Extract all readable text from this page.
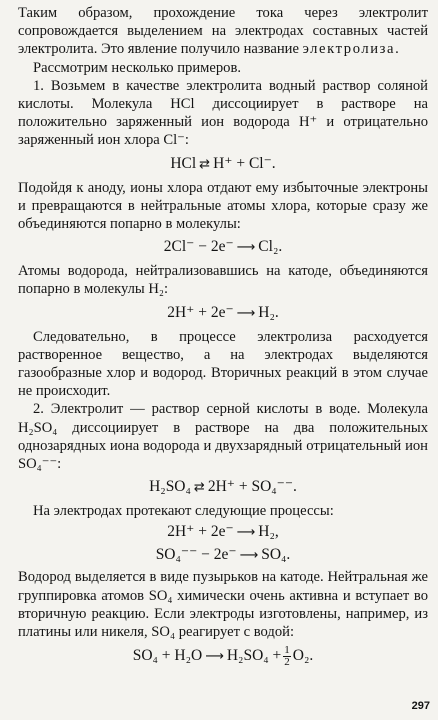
Таким образом, прохождение тока через электролит сопровождается выделением на электродах составных частей электролита. Это явление получило название электролиза.

Рассмотрим несколько примеров.

1. Возьмем в качестве электролита водный раствор соляной кислоты. Молекула HCl диссоциирует в растворе на положительно заряженный ион водорода H⁺ и отрицательно заряженный ион хлора Cl⁻:

HCl ⇄ H⁺ + Cl⁻.

Подойдя к аноду, ионы хлора отдают ему избыточные электроны и превращаются в нейтральные атомы хлора, которые сразу же объединяются попарно в молекулы:

2Cl⁻ − 2e⁻ ⟶ Cl₂.

Атомы водорода, нейтрализовавшись на катоде, объединяются попарно в молекулы H₂:

2H⁺ + 2e⁻ ⟶ H₂.

Следовательно, в процессе электролиза расходуется растворенное вещество, а на электродах выделяются газообразные хлор и водород. Вторичных реакций в этом случае не происходит.

2. Электролит — раствор серной кислоты в воде. Молекула H₂SO₄ диссоциирует в растворе на два положительных однозарядных иона водорода и двухзарядный отрицательный ион SO₄⁻⁻:

H₂SO₄ ⇄ 2H⁺ + SO₄⁻⁻.

На электродах протекают следующие процессы:

2H⁺ + 2e⁻ ⟶ H₂,
SO₄⁻⁻ − 2e⁻ ⟶ SO₄.

Водород выделяется в виде пузырьков на катоде. Нейтральная же группировка атомов SO₄ химически очень активна и вступает во вторичную реакцию. Если электроды изготовлены, например, из платины или никеля, SO₄ реагирует с водой:

SO₄ + H₂O ⟶ $H_2SO_4 + \frac{1}{2} O_2$.
297
